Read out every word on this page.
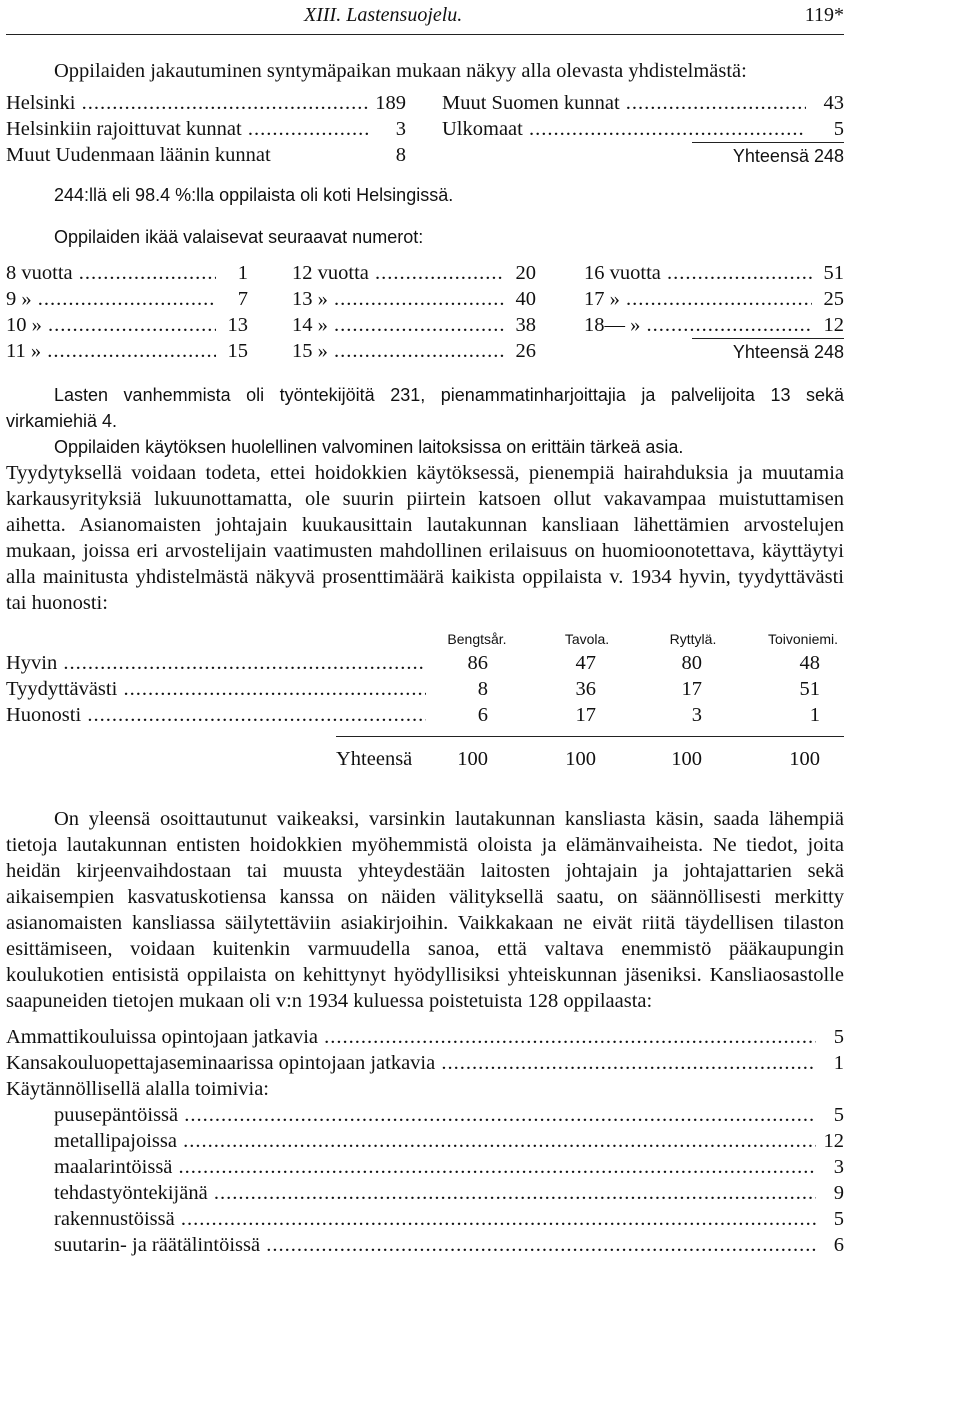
XIII. Lastensuojelu.	119*

Oppilaiden jakautuminen syntymäpaikan mukaan näkyy alla olevasta yhdistelmästä:

Helsinki .....	189
Helsinkiin rajoittuvat kunnat .....	3
Muut Uudenmaan läänin kunnat	8
Muut Suomen kunnat .....	43
Ulkomaat .....	5
Yhteensä 248

244:llä eli 98.4 %:lla oppilaista oli koti Helsingissä.

Oppilaiden ikää valaisevat seuraavat numerot:

8 vuotta .....	1
9 » .....	7
10 » .....	13
11 » .....	15
12 vuotta .....	20
13 » .....	40
14 » .....	38
15 » .....	26
16 vuotta .....	51
17 » .....	25
18— » .....	12
Yhteensä 248

Lasten vanhemmista oli työntekijöitä 231, pienammatinharjoittajia ja palvelijoita 13 sekä virkamiehiä 4.

Oppilaiden käytöksen huolellinen valvominen laitoksissa on erittäin tärkeä asia.

Tyydytyksellä voidaan todeta, ettei hoidokkien käytöksessä, pienempiä hairahduksia ja muutamia karkausyrityksiä lukuunottamatta, ole suurin piirtein katsoen ollut vakavampaa muistuttamisen aihetta. Asianomaisten johtajain kuukausittain lautakunnan kansliaan lähettämien arvostelujen mukaan, joissa eri arvostelijain vaatimusten mahdollinen erilaisuus on huomioonotettava, käyttäytyi alla mainitusta yhdistelmästä näkyvä prosenttimäärä kaikista oppilaista v. 1934 hyvin, tyydyttävästi tai huonosti:

Bengtsår.	Tavola.	Ryttylä.	Toivoniemi.
Hyvin .....	86	47	80	48
Tyydyttävästi .....	8	36	17	51
Huonosti .....	6	17	3	1
Yhteensä	100	100	100	100

On yleensä osoittautunut vaikeaksi, varsinkin lautakunnan kansliasta käsin, saada lähempiä tietoja lautakunnan entisten hoidokkien myöhemmistä oloista ja elämänvaiheista. Ne tiedot, joita heidän kirjeenvaihdostaan tai muusta yhteydestään laitosten johtajain ja johtajattarien sekä aikaisempien kasvatuskotiensa kanssa on näiden välityksellä saatu, on säännöllisesti merkitty asianomaisten kansliassa säilytettäviin asiakirjoihin. Vaikkakaan ne eivät riitä täydellisen tilaston esittämiseen, voidaan kuitenkin varmuudella sanoa, että valtava enemmistö pääkaupungin koulukotien entisistä oppilaista on kehittynyt hyödyllisiksi yhteiskunnan jäseniksi. Kansliaosastolle saapuneiden tietojen mukaan oli v:n 1934 kuluessa poistetuista 128 oppilaasta:

Ammattikouluissa opintojaan jatkavia .....	5
Kansakouluopettajaseminaarissa opintojaan jatkavia .....	1
Käytännöllisellä alalla toimivia:
puusepäntöissä .....	5
metallipajoissa .....	12
maalarintöissä .....	3
tehdastyöntekijänä .....	9
rakennustöissä .....	5
suutarin- ja räätälintöissä .....	6
